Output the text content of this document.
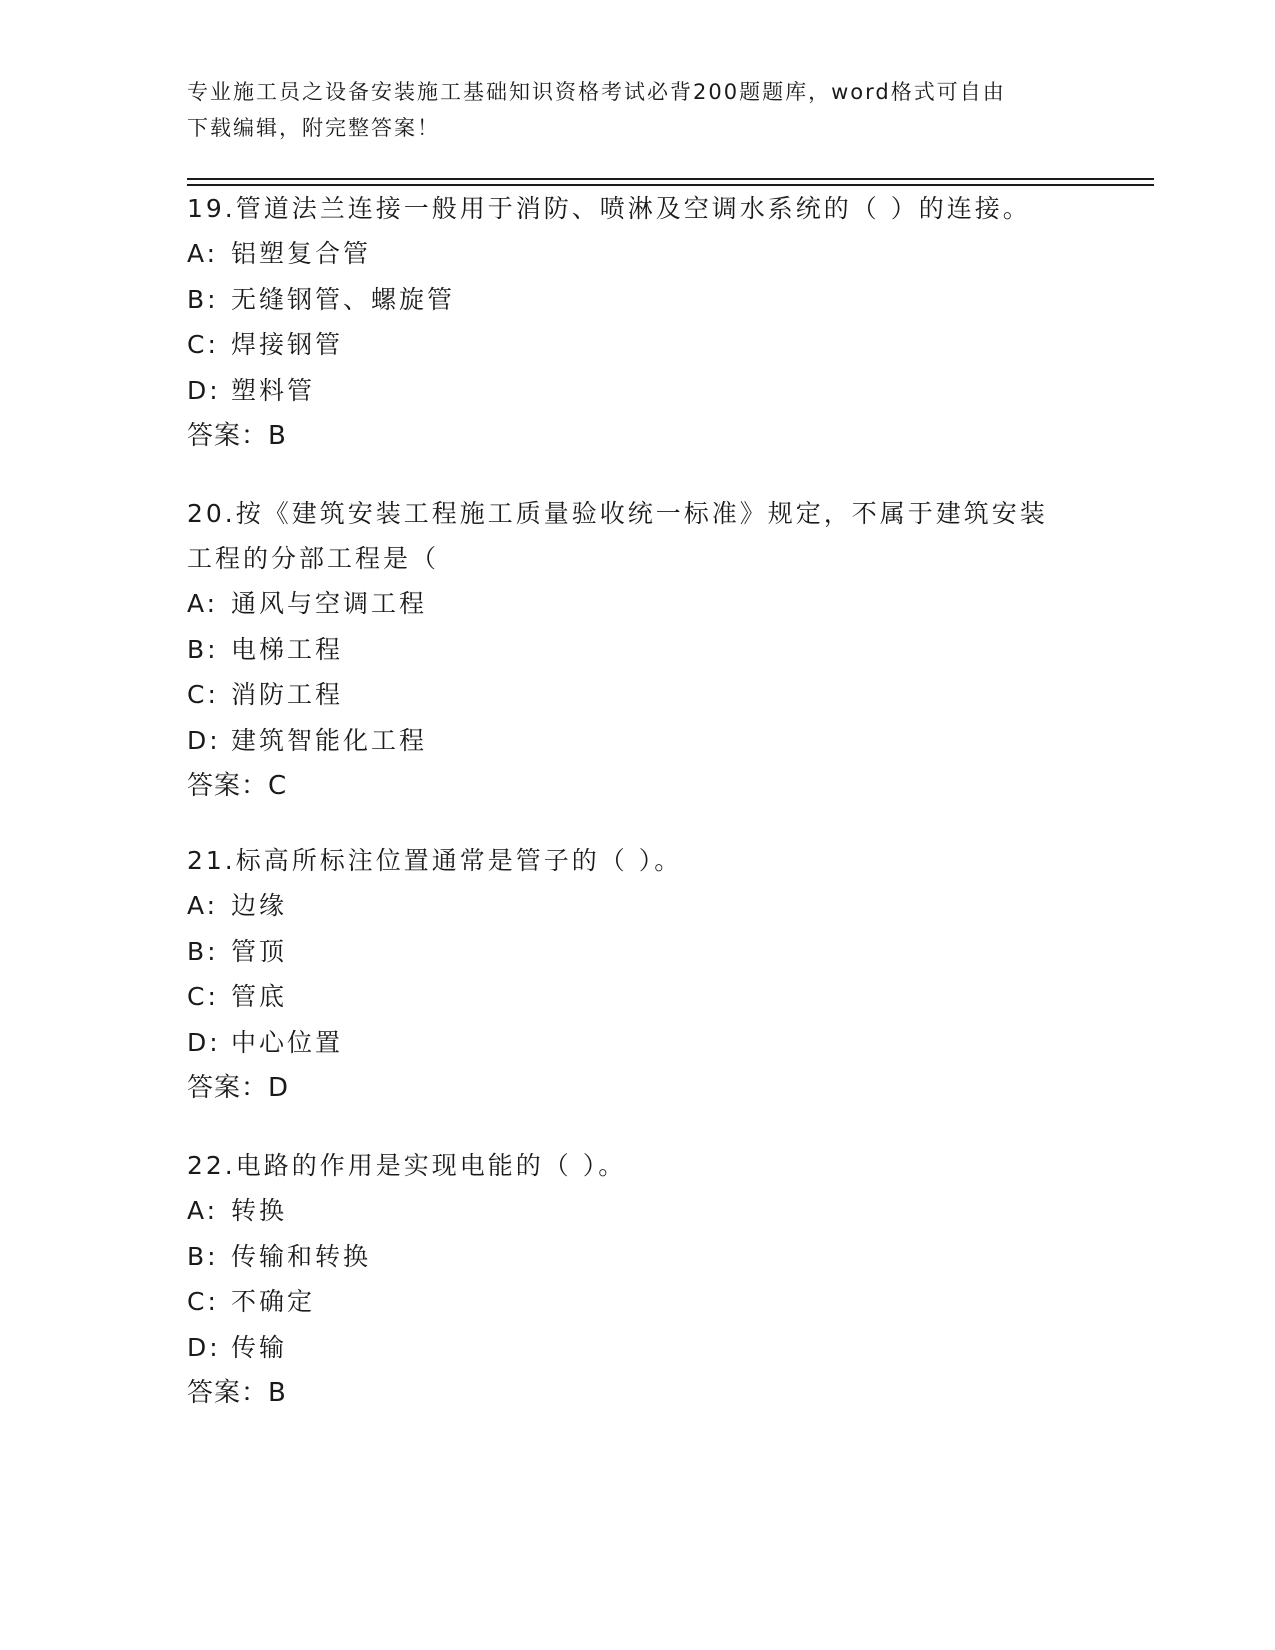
专业施工员之设备安装施工基础知识资格考试必背200题题库，word格式可自由
下载编辑，附完整答案！
19.管道法兰连接一般用于消防、喷淋及空调水系统的（ ）的连接。
A: 铝塑复合管
B: 无缝钢管、螺旋管
C: 焊接钢管
D: 塑料管
答案：B
20.按《建筑安装工程施工质量验收统一标准》规定，不属于建筑安装
工程的分部工程是（
A: 通风与空调工程
B: 电梯工程
C: 消防工程
D: 建筑智能化工程
答案：C
21.标高所标注位置通常是管子的（ ）。
A: 边缘
B: 管顶
C: 管底
D: 中心位置
答案：D
22.电路的作用是实现电能的（ ）。
A: 转换
B: 传输和转换
C: 不确定
D: 传输
答案：B
